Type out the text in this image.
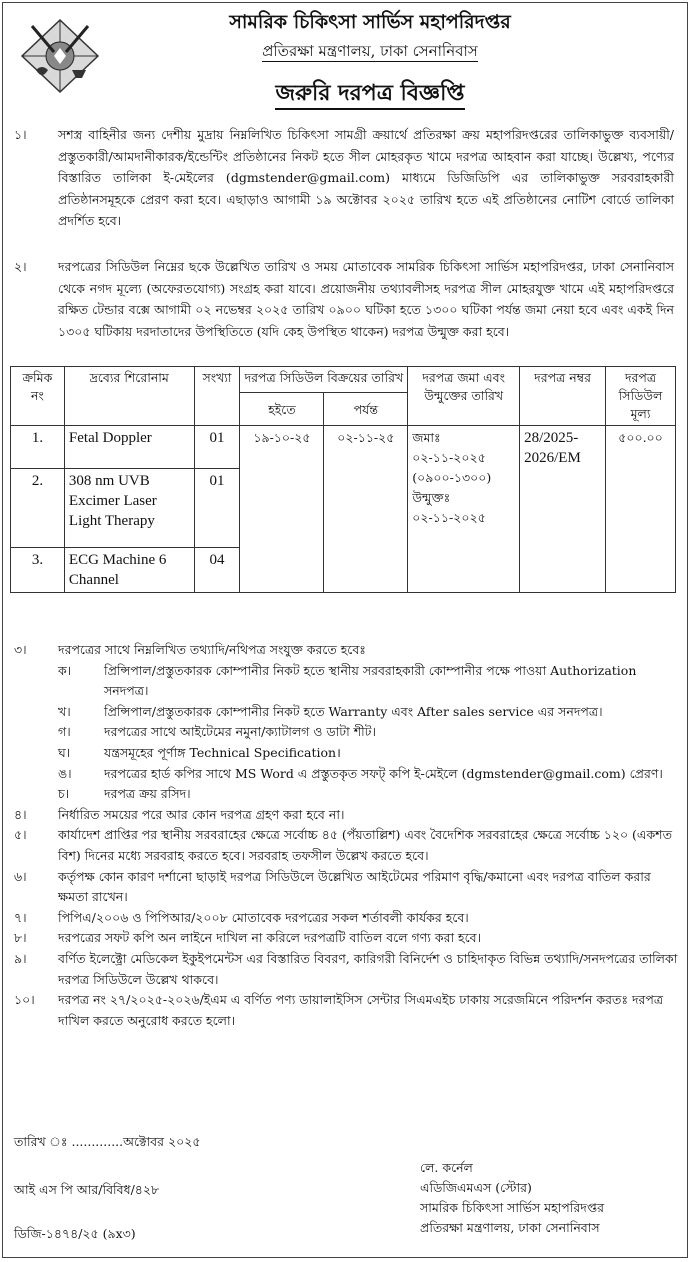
সামরিক চিকিৎসা সার্ভিস মহাপরিদপ্তর
প্রতিরক্ষা মন্ত্রণালয়, ঢাকা সেনানিবাস
জরুরি দরপত্র বিজ্ঞপ্তি
১।	সশস্ত্র বাহিনীর জন্য দেশীয় মুদ্রায় নিম্নলিখিত চিকিৎসা সামগ্রী ক্রয়ার্থে প্রতিরক্ষা ক্রয় মহাপরিদপ্তরের তালিকাভুক্ত ব্যবসায়ী/প্রস্তুতকারী/আমদানীকারক/ইন্ডেন্টিং প্রতিষ্ঠানের নিকট হতে সীল মোহরকৃত খামে দরপত্র আহবান করা যাচ্ছে। উল্লেখ্য, পণ্যের বিস্তারিত তালিকা ই-মেইলের (dgmstender@gmail.com) মাধ্যমে ডিজিডিপি এর তালিকাভুক্ত সরবরাহকারী প্রতিষ্ঠানসমূহকে প্রেরণ করা হবে। এছাড়াও আগামী ১৯ অক্টোবর ২০২৫ তারিখ হতে এই প্রতিষ্ঠানের নোটিশ বোর্ডে তালিকা প্রদর্শিত হবে।
২।	দরপত্রের সিডিউল নিম্নের ছকে উল্লেখিত তারিখ ও সময় মোতাবেক সামরিক চিকিৎসা সার্ভিস মহাপরিদপ্তর, ঢাকা সেনানিবাস থেকে নগদ মূল্যে (অফেরতযোগ্য) সংগ্রহ করা যাবে। প্রয়োজনীয় তথ্যাবলীসহ দরপত্র সীল মোহরযুক্ত খামে এই মহাপরিদপ্তরে রক্ষিত টেন্ডার বক্সে আগামী ০২ নভেম্বর ২০২৫ তারিখ ০৯০০ ঘটিকা হতে ১৩০০ ঘটিকা পর্যন্ত জমা নেয়া হবে এবং একই দিন ১৩০৫ ঘটিকায় দরদাতাদের উপস্থিতিতে (যদি কেহ উপস্থিত থাকেন) দরপত্র উন্মুক্ত করা হবে।
ক্রমিক নং	দ্রব্যের শিরোনাম	সংখ্যা	দরপত্র সিডিউল বিক্রয়ের তারিখ		দরপত্র জমা এবং উন্মুক্তের তারিখ	দরপত্র নম্বর	দরপত্র সিডিউল মূল্য
			হইতে	পর্যন্ত			
1.	Fetal Doppler	01	১৯-১০-২৫	০২-১১-২৫	জমাঃ ০২-১১-২০২৫ (০৯০০-১৩০০) উন্মুক্তঃ ০২-১১-২০২৫	28/2025-2026/EM	৫০০.০০
2.	308 nm UVB Excimer Laser Light Therapy	01					
3.	ECG Machine 6 Channel	04					
৩।	দরপত্রের সাথে নিম্নলিখিত তথ্যাদি/নথিপত্র সংযুক্ত করতে হবেঃ
ক।	প্রিন্সিপাল/প্রস্তুতকারক কোম্পানীর নিকট হতে স্থানীয় সরবরাহকারী কোম্পানীর পক্ষে পাওয়া Authorization সনদপত্র।
খ।	প্রিন্সিপাল/প্রস্তুতকারক কোম্পানীর নিকট হতে Warranty এবং After sales service এর সনদপত্র।
গ।	দরপত্রের সাথে আইটেমের নমুনা/ক্যাটালগ ও ডাটা শীট।
ঘ।	যন্ত্রসমূহের পূর্ণাঙ্গ Technical Specification।
ঙ।	দরপত্রের হার্ড কপির সাথে MS Word এ প্রস্তুতকৃত সফট্ কপি ই-মেইলে (dgmstender@gmail.com) প্রেরণ।
চ।	দরপত্র ক্রয় রসিদ।
৪।	নির্ধারিত সময়ের পরে আর কোন দরপত্র গ্রহণ করা হবে না।
৫।	কার্যাদেশ প্রাপ্তির পর স্থানীয় সরবরাহের ক্ষেত্রে সর্বোচ্চ ৪৫ (পঁয়তাল্লিশ) এবং বৈদেশিক সরবরাহের ক্ষেত্রে সর্বোচ্চ ১২০ (একশত বিশ) দিনের মধ্যে সরবরাহ করতে হবে। সরবরাহ তফসীল উল্লেখ করতে হবে।
৬।	কর্তৃপক্ষ কোন কারণ দর্শানো ছাড়াই দরপত্র সিডিউলে উল্লেখিত আইটেমের পরিমাণ বৃদ্ধি/কমানো এবং দরপত্র বাতিল করার ক্ষমতা রাখেন।
৭।	পিপিএ/২০০৬ ও পিপিআর/২০০৮ মোতাবেক দরপত্রের সকল শর্তাবলী কার্যকর হবে।
৮।	দরপত্রের সফট কপি অন লাইনে দাখিল না করিলে দরপত্রটি বাতিল বলে গণ্য করা হবে।
৯।	বর্ণিত ইলেক্ট্রো মেডিকেল ইকুইপমেন্টস এর বিস্তারিত বিবরণ, কারিগরী বিনির্দেশ ও চাহিদাকৃত বিভিন্ন তথ্যাদি/সনদপত্রের তালিকা দরপত্র সিডিউলে উল্লেখ থাকবে।
১০।	দরপত্র নং ২৭/২০২৫-২০২৬/ইএম এ বর্ণিত পণ্য ডায়ালাইসিস সেন্টার সিএমএইচ ঢাকায় সরেজমিনে পরিদর্শন করতঃ দরপত্র দাখিল করতে অনুরোধ করতে হলো।
তারিখ ঃ .............অক্টোবর ২০২৫
আই এস পি আর/বিবিধ/৪২৮
ডিজি-১৪৭৪/২৫ (৯x৩)
লে. কর্নেল
এডিজিএমএস (স্টোর)
সামরিক চিকিৎসা সার্ভিস মহাপরিদপ্তর
প্রতিরক্ষা মন্ত্রণালয়, ঢাকা সেনানিবাস
